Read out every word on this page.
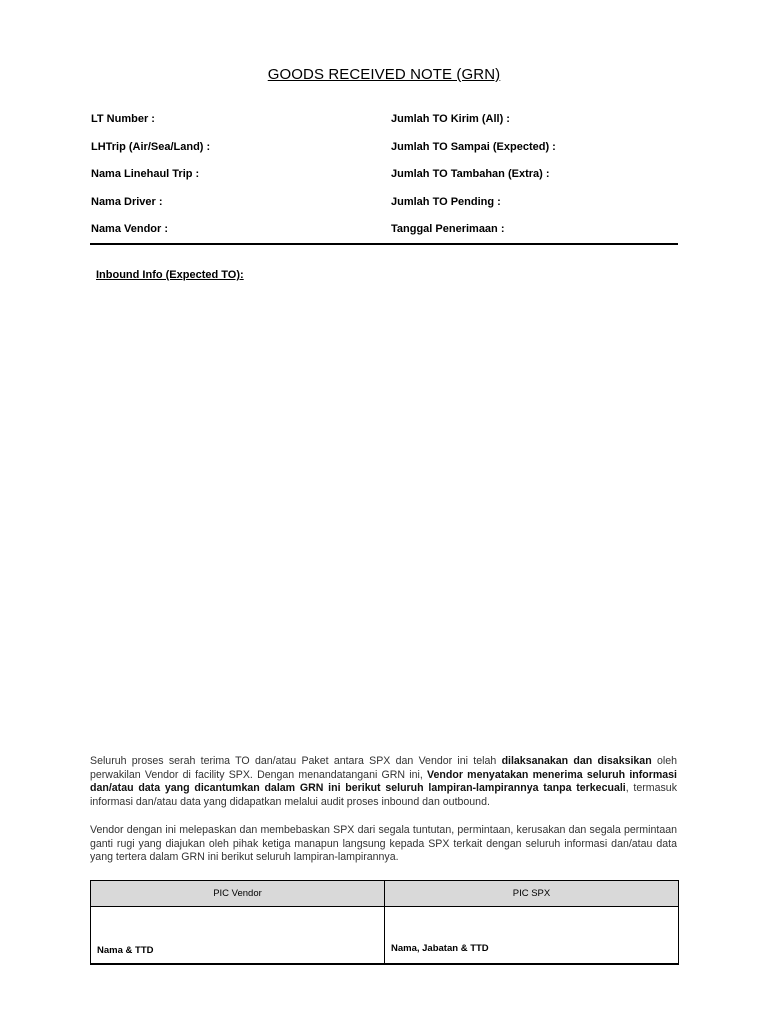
GOODS RECEIVED NOTE (GRN)
LT Number :	Jumlah TO Kirim (All) :
LHTrip (Air/Sea/Land) :	Jumlah TO Sampai (Expected) :
Nama Linehaul Trip :	Jumlah TO Tambahan (Extra) :
Nama Driver :	Jumlah TO Pending :
Nama Vendor :	Tanggal Penerimaan :
Inbound Info (Expected TO):
Seluruh proses serah terima TO dan/atau Paket antara SPX dan Vendor ini telah dilaksanakan dan disaksikan oleh perwakilan Vendor di facility SPX. Dengan menandatangani GRN ini, Vendor menyatakan menerima seluruh informasi dan/atau data yang dicantumkan dalam GRN ini berikut seluruh lampiran-lampirannya tanpa terkecuali, termasuk informasi dan/atau data yang didapatkan melalui audit proses inbound dan outbound.
Vendor dengan ini melepaskan dan membebaskan SPX dari segala tuntutan, permintaan, kerusakan dan segala permintaan ganti rugi yang diajukan oleh pihak ketiga manapun langsung kepada SPX terkait dengan seluruh informasi dan/atau data yang tertera dalam GRN ini berikut seluruh lampiran-lampirannya.
PIC Vendor	PIC SPX

Nama & TTD	Nama, Jabatan & TTD
